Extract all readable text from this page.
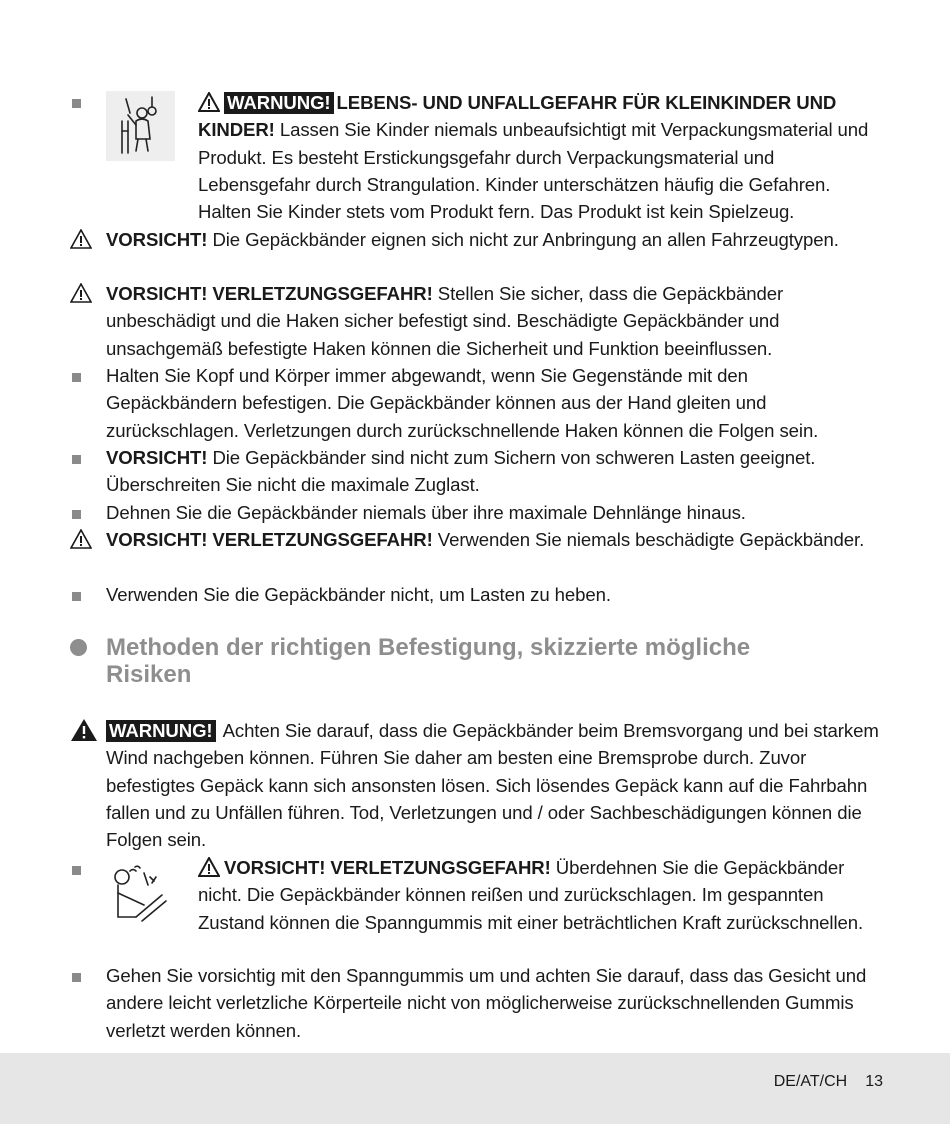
WARNUNG! LEBENS- UND UNFALLGEFAHR FÜR KLEINKINDER UND KINDER! Lassen Sie Kinder niemals unbeaufsichtigt mit Verpackungsmaterial und Produkt. Es besteht Erstickungsgefahr durch Verpackungsmaterial und Lebensgefahr durch Strangulation. Kinder unterschätzen häufig die Gefahren. Halten Sie Kinder stets vom Produkt fern. Das Produkt ist kein Spielzeug.
VORSICHT! Die Gepäckbänder eignen sich nicht zur Anbringung an allen Fahrzeugtypen.
VORSICHT! VERLETZUNGSGEFAHR! Stellen Sie sicher, dass die Gepäckbänder unbeschädigt und die Haken sicher befestigt sind. Beschädigte Gepäckbänder und unsachgemäß befestigte Haken können die Sicherheit und Funktion beeinflussen.
Halten Sie Kopf und Körper immer abgewandt, wenn Sie Gegenstände mit den Gepäckbändern befestigen. Die Gepäckbänder können aus der Hand gleiten und zurückschlagen. Verletzungen durch zurückschnellende Haken können die Folgen sein.
VORSICHT! Die Gepäckbänder sind nicht zum Sichern von schweren Lasten geeignet. Überschreiten Sie nicht die maximale Zuglast.
Dehnen Sie die Gepäckbänder niemals über ihre maximale Dehnlänge hinaus.
VORSICHT! VERLETZUNGSGEFAHR! Verwenden Sie niemals beschädigte Gepäckbänder.
Verwenden Sie die Gepäckbänder nicht, um Lasten zu heben.
Methoden der richtigen Befestigung, skizzierte mögliche Risiken
WARNUNG! Achten Sie darauf, dass die Gepäckbänder beim Bremsvorgang und bei starkem Wind nachgeben können. Führen Sie daher am besten eine Bremsprobe durch. Zuvor befestigtes Gepäck kann sich ansonsten lösen. Sich lösendes Gepäck kann auf die Fahrbahn fallen und zu Unfällen führen. Tod, Verletzungen und / oder Sachbeschädigungen können die Folgen sein.
VORSICHT! VERLETZUNGSGEFAHR! Überdehnen Sie die Gepäckbänder nicht. Die Gepäckbänder können reißen und zurückschlagen. Im gespannten Zustand können die Spanngummis mit einer beträchtlichen Kraft zurückschnellen.
Gehen Sie vorsichtig mit den Spanngummis um und achten Sie darauf, dass das Gesicht und andere leicht verletzliche Körperteile nicht von möglicherweise zurückschnellenden Gummis verletzt werden können.
DE/AT/CH 13
